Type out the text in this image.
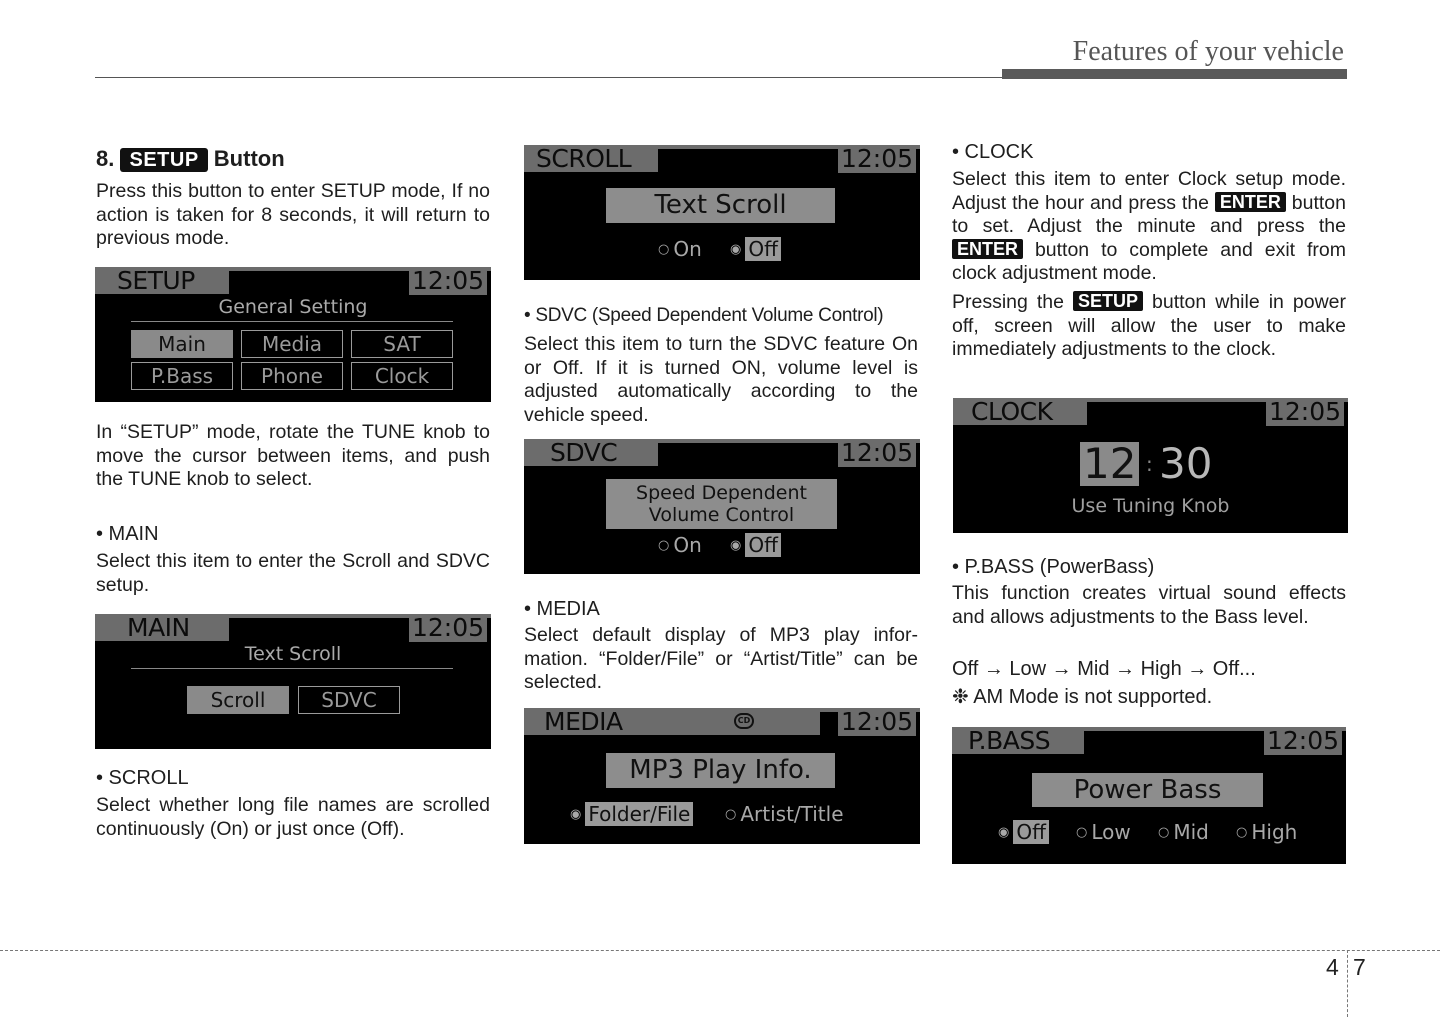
Features of your vehicle
8. SETUP Button

Press this button to enter SETUP mode, If no action is taken for 8 seconds, it will return to previous mode.

SETUP	12:05
General Setting
Main	Media	SAT
P.Bass	Phone	Clock

In “SETUP” mode, rotate the TUNE knob to move the cursor between items, and push the TUNE knob to select.

• MAIN

Select this item to enter the Scroll and SDVC setup.

MAIN	12:05
Text Scroll
Scroll	SDVC

• SCROLL

Select whether long file names are scrolled continuously (On) or just once (Off).

SCROLL	12:05
Text Scroll
○ On ◉ Off

• SDVC (Speed Dependent Volume Control)

Select this item to turn the SDVC feature On or Off. If it is turned ON, volume level is adjusted automatically according to the vehicle speed.

SDVC	12:05
Speed Dependent
Volume Control
○ On ◉ Off

• MEDIA

Select default display of MP3 play infor-mation. “Folder/File” or “Artist/Title” can be selected.

MEDIA	CD	12:05
MP3 Play Info.
◉ Folder/File	○ Artist/Title

• CLOCK

Select this item to enter Clock setup mode. Adjust the hour and press the ENTER button to set. Adjust the minute and press the ENTER button to complete and exit from clock adjustment mode.

Pressing the SETUP button while in power off, screen will allow the user to make immediately adjustments to the clock.

CLOCK	12:05
12 : 30
Use Tuning Knob

• P.BASS (PowerBass)

This function creates virtual sound effects and allows adjustments to the Bass level.

Off → Low → Mid → High → Off...

❉ AM Mode is not supported.

P.BASS	12:05
Power Bass
◉ Off ○ Low ○ Mid ○ High
4 7
